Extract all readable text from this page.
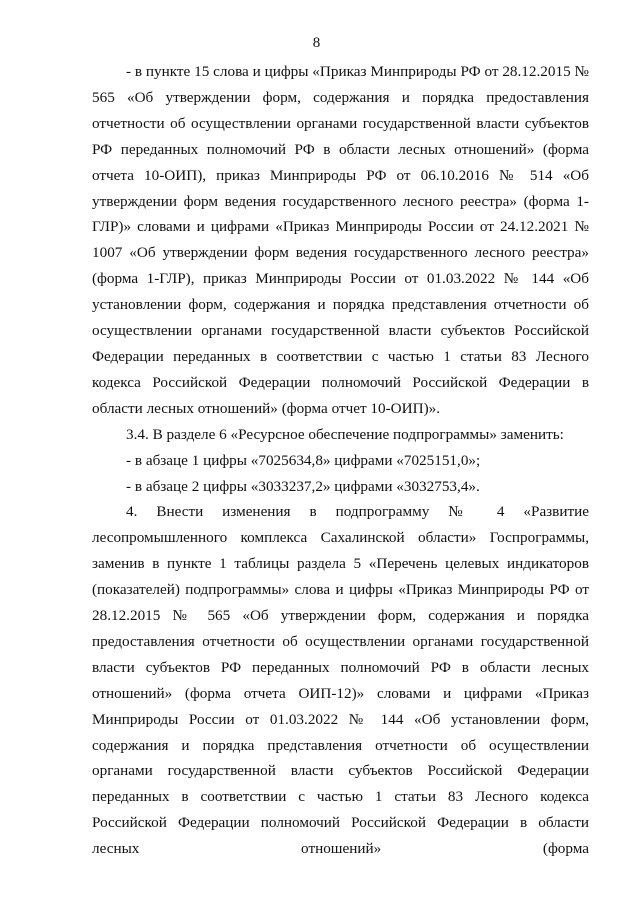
8

- в пункте 15 слова и цифры «Приказ Минприроды РФ от 28.12.2015 № 565 «Об утверждении форм, содержания и порядка предоставления отчетности об осуществлении органами государственной власти субъектов РФ переданных полномочий РФ в области лесных отношений» (форма отчета 10-ОИП), приказ Минприроды РФ от 06.10.2016 № 514 «Об утверждении форм ведения государственного лесного реестра» (форма 1-ГЛР)» словами и цифрами «Приказ Минприроды России от 24.12.2021 № 1007 «Об утверждении форм ведения государственного лесного реестра» (форма 1-ГЛР), приказ Минприроды России от 01.03.2022 № 144 «Об установлении форм, содержания и порядка представления отчетности об осуществлении органами государственной власти субъектов Российской Федерации переданных в соответствии с частью 1 статьи 83 Лесного кодекса Российской Федерации полномочий Российской Федерации в области лесных отношений» (форма отчет 10-ОИП)».

3.4. В разделе 6 «Ресурсное обеспечение подпрограммы» заменить:

- в абзаце 1 цифры «7025634,8» цифрами «7025151,0»;

- в абзаце 2 цифры «3033237,2» цифрами «3032753,4».

4. Внести изменения в подпрограмму № 4 «Развитие лесопромышленного комплекса Сахалинской области» Госпрограммы, заменив в пункте 1 таблицы раздела 5 «Перечень целевых индикаторов (показателей) подпрограммы» слова и цифры «Приказ Минприроды РФ от 28.12.2015 № 565 «Об утверждении форм, содержания и порядка предоставления отчетности об осуществлении органами государственной власти субъектов РФ переданных полномочий РФ в области лесных отношений» (форма отчета ОИП-12)» словами и цифрами «Приказ Минприроды России от 01.03.2022 № 144 «Об установлении форм, содержания и порядка представления отчетности об осуществлении органами государственной власти субъектов Российской Федерации переданных в соответствии с частью 1 статьи 83 Лесного кодекса Российской Федерации полномочий Российской Федерации в области лесных отношений» (форма
